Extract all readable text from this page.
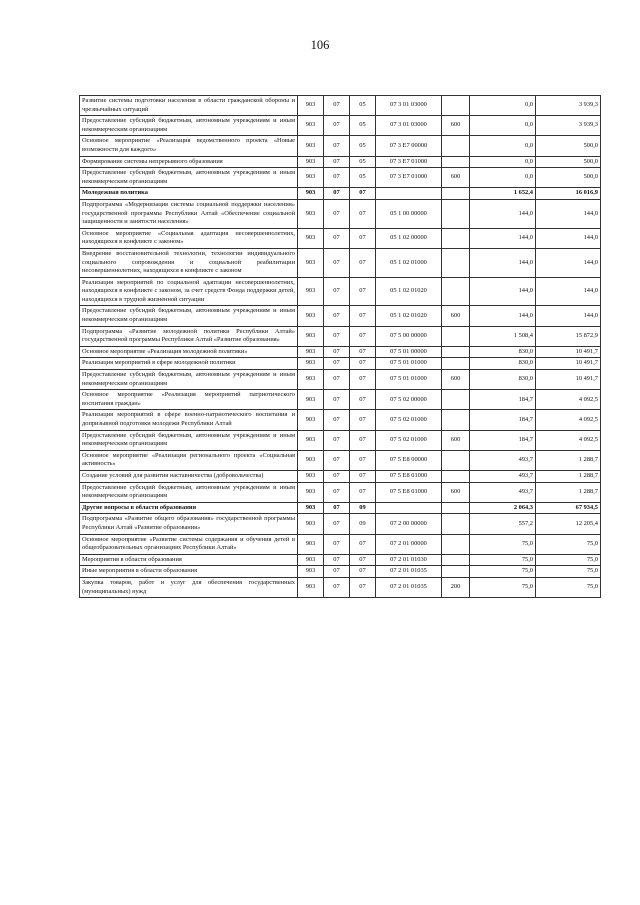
106
Развитие системы подготовки населения в области гражданской обороны и чрезвычайных ситуаций	903	07	05	07 3 01 03000		0,0	3 939,3
Предоставление субсидий бюджетным, автономным учреждениям и иным некоммерческим организациям	903	07	05	07 3 01 03000	600	0,0	3 939,3
Основное мероприятие «Реализация ведомственного проекта «Новые возможности для каждого»	903	07	05	07 3 Е7 00000		0,0	500,0
Формирование системы непрерывного образования	903	07	05	07 3 Е7 01000		0,0	500,0
Предоставление субсидий бюджетным, автономным учреждениям и иным некоммерческим организациям	903	07	05	07 3 Е7 01000	600	0,0	500,0
Молодежная политика	903	07	07			1 652,4	16 016,9
Подпрограмма «Модернизация системы социальной поддержки населения» государственной программы Республики Алтай «Обеспечение социальной защищенности и занятости населения»	903	07	07	05 1 00 00000		144,0	144,0
Основное мероприятие «Социальная адаптация несовершеннолетних, находящихся в конфликте с законом»	903	07	07	05 1 02 00000		144,0	144,0
Внедрение восстановительной технологии, технологии индивидуального социального сопровождения и социальной реабилитации несовершеннолетних, находящихся в конфликте с законом	903	07	07	05 1 02 01000		144,0	144,0
Реализация мероприятий по социальной адаптации несовершеннолетних, находящихся в конфликте с законом, за счет средств Фонда поддержки детей, находящихся в трудной жизненной ситуации	903	07	07	05 1 02 01020		144,0	144,0
Предоставление субсидий бюджетным, автономным учреждениям и иным некоммерческим организациям	903	07	07	05 1 02 01020	600	144,0	144,0
Подпрограмма «Развитие молодежной политики Республики Алтай» государственной программы Республики Алтай «Развитие образования»	903	07	07	07 5 00 00000		1 508,4	15 872,9
Основное мероприятие «Реализация молодежной политики»	903	07	07	07 5 01 00000		830,0	10 491,7
Реализация мероприятий в сфере молодежной политики	903	07	07	07 5 01 01000		830,0	10 491,7
Предоставление субсидий бюджетным, автономным учреждениям и иным некоммерческим организациям	903	07	07	07 5 01 01000	600	830,0	10 491,7
Основное мероприятие «Реализация мероприятий патриотического воспитания граждан»	903	07	07	07 5 02 00000		184,7	4 092,5
Реализация мероприятий в сфере военно-патриотического воспитания и допризывной подготовки молодежи Республики Алтай	903	07	07	07 5 02 01000		184,7	4 092,5
Предоставление субсидий бюджетным, автономным учреждениям и иным некоммерческим организациям	903	07	07	07 5 02 01000	600	184,7	4 092,5
Основное мероприятие «Реализация регионального проекта «Социальная активность»	903	07	07	07 5 Е8 00000		493,7	1 288,7
Создание условий для развития наставничества (добровольчества)	903	07	07	07 5 Е8 01000		493,7	1 288,7
Предоставление субсидий бюджетным, автономным учреждениям и иным некоммерческим организациям	903	07	07	07 5 Е8 01000	600	493,7	1 288,7
Другие вопросы в области образования	903	07	09			2 064,3	67 934,5
Подпрограмма «Развитие общего образования» государственной программы Республики Алтай «Развитие образования»	903	07	09	07 2 00 00000		557,2	12 205,4
Основное мероприятие «Развитие системы содержания и обучения детей в общеобразовательных организациях Республики Алтай»	903	07	07	07 2 01 00000		75,0	75,0
Мероприятия в области образования	903	07	07	07 2 01 01030		75,0	75,0
Иные мероприятия в области образования	903	07	07	07 2 01 01035		75,0	75,0
Закупка товаров, работ и услуг для обеспечения государственных (муниципальных) нужд	903	07	07	07 2 01 01035	200	75,0	75,0
